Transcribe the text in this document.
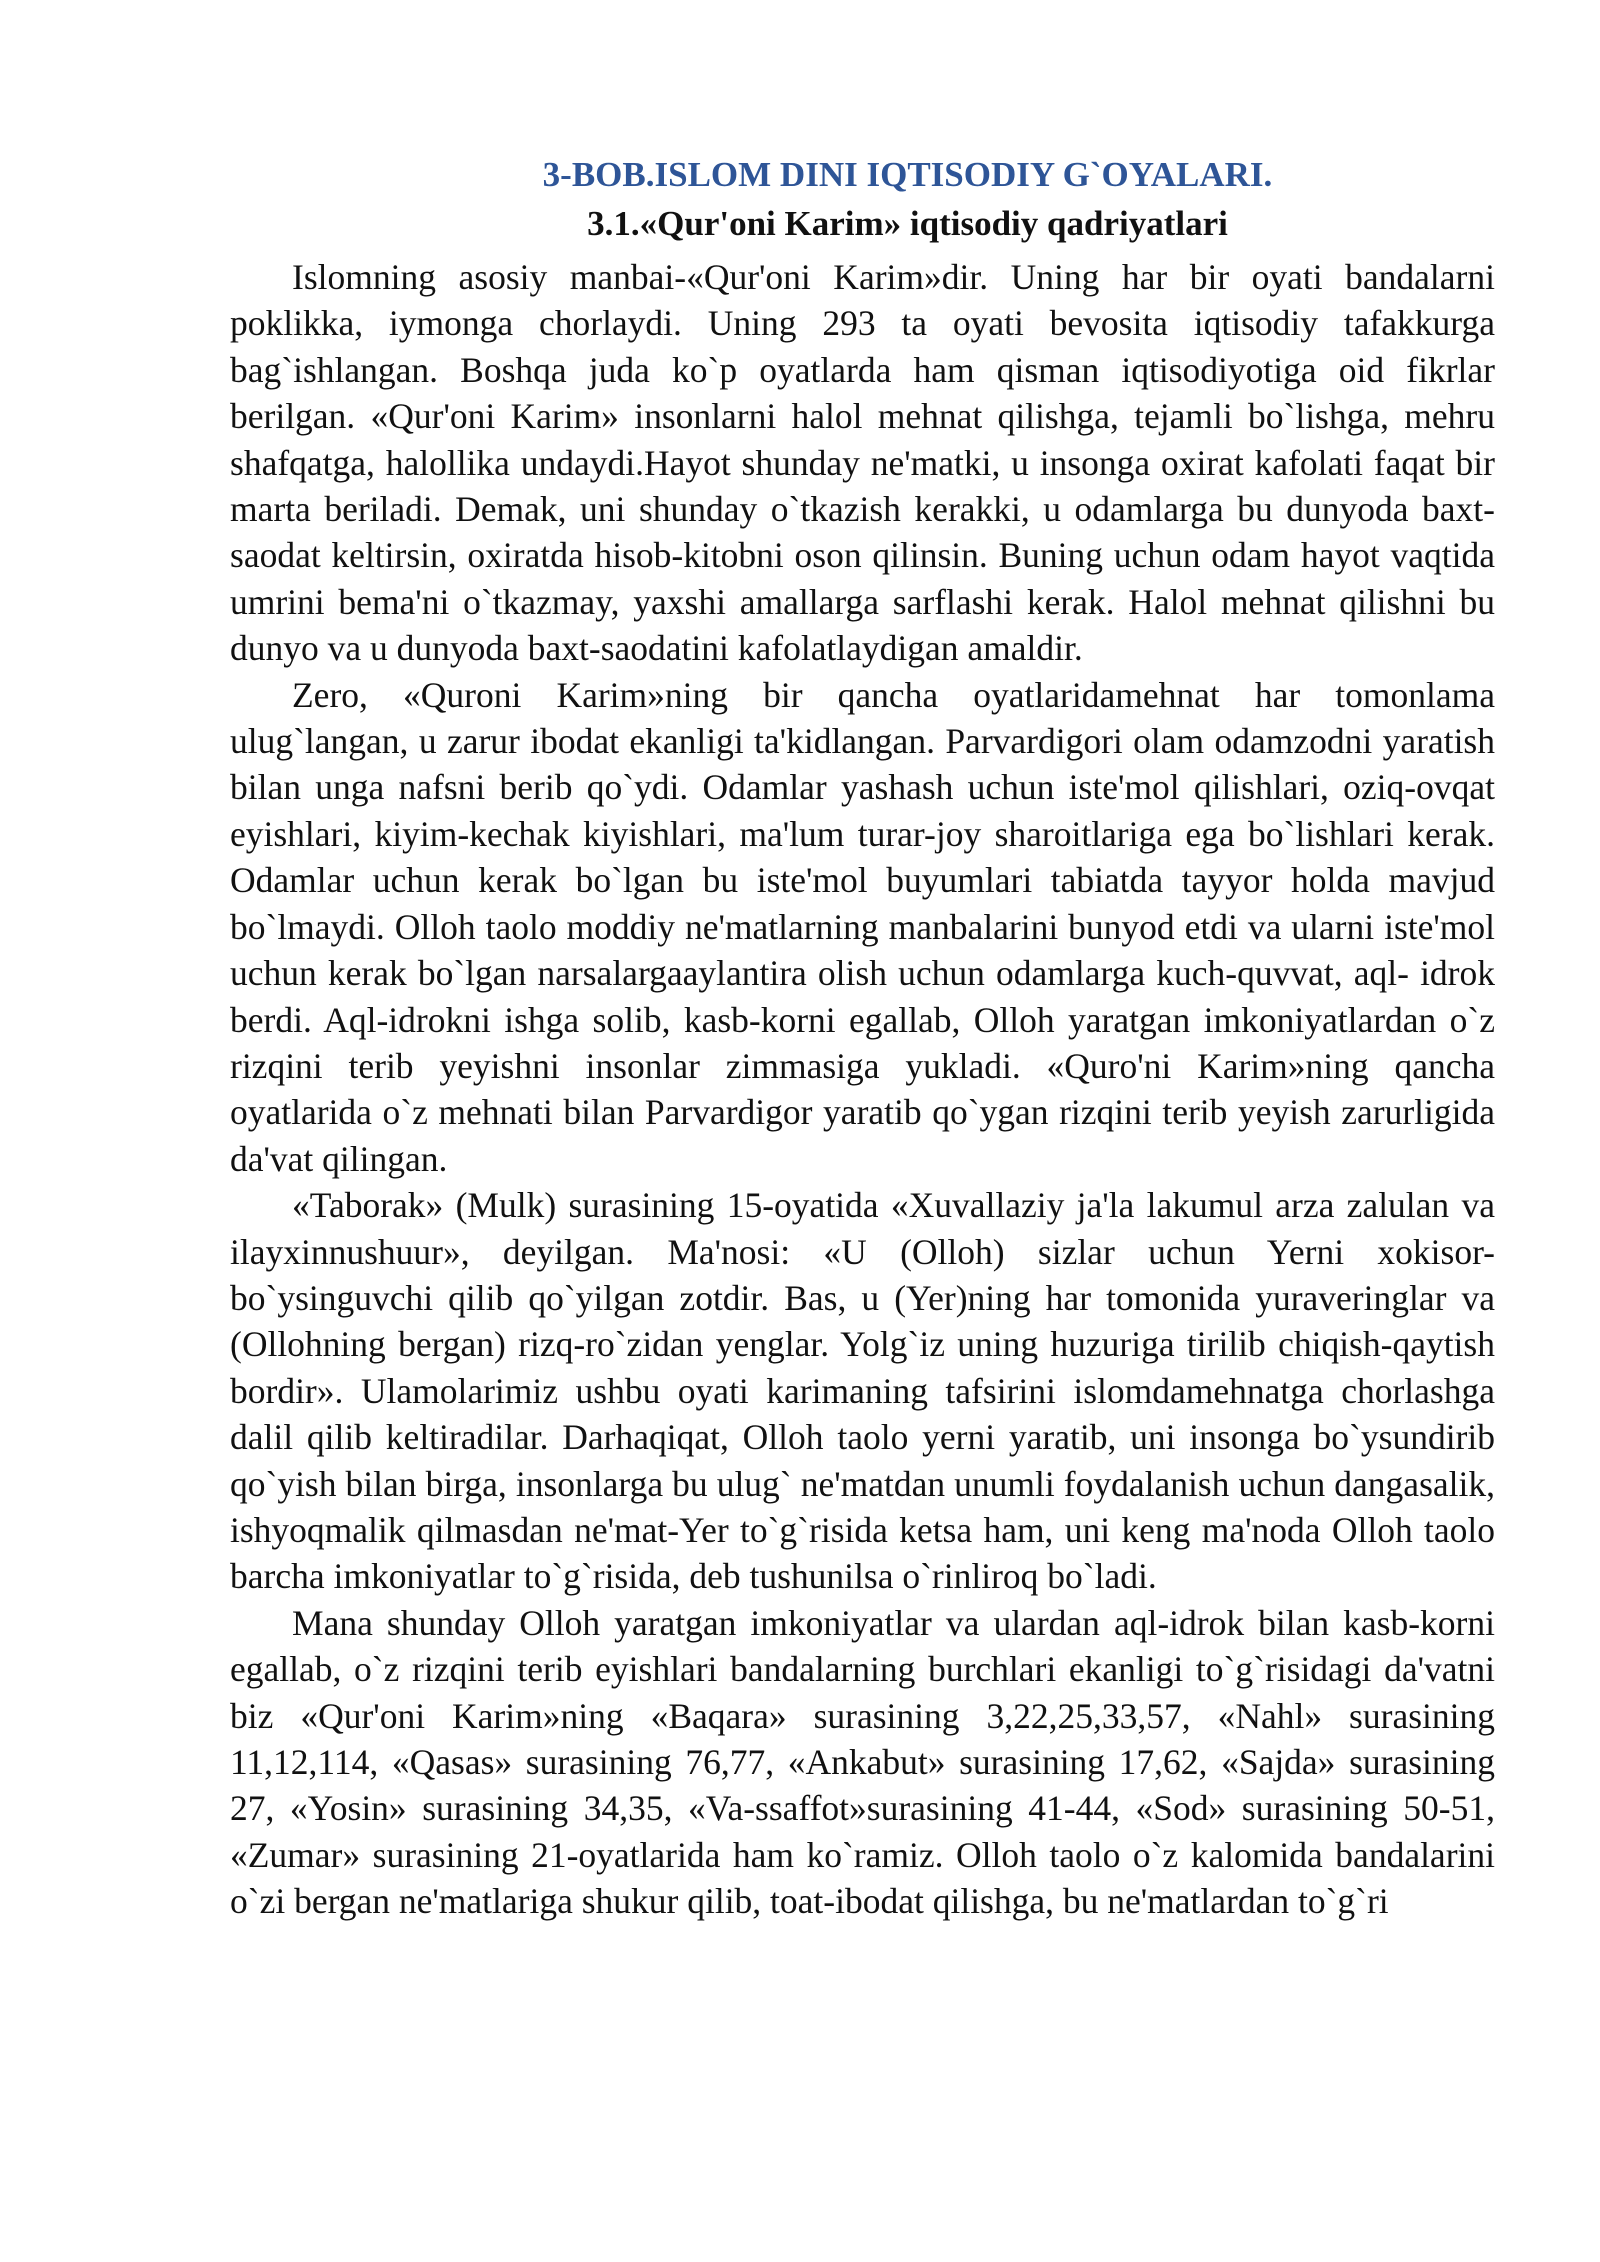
3-BOB.ISLOM DINI IQTISODIY G`OYALARI.
3.1.«Qur'oni Karim» iqtisodiy qadriyatlari

Islomning asosiy manbai-«Qur'oni Karim»dir. Uning har bir oyati bandalarni poklikka, iymonga chorlaydi. Uning 293 ta oyati bevosita iqtisodiy tafakkurga bag`ishlangan. Boshqa juda ko`p oyatlarda ham qisman iqtisodiyotiga oid fikrlar berilgan. «Qur'oni Karim» insonlarni halol mehnat qilishga, tejamli bo`lishga, mehru shafqatga, halollika undaydi.Hayot shunday ne'matki, u insonga oxirat kafolati faqat bir marta beriladi. Demak, uni shunday o`tkazish kerakki, u odamlarga bu dunyoda baxt-saodat keltirsin, oxiratda hisob-kitobni oson qilinsin. Buning uchun odam hayot vaqtida umrini bema'ni o`tkazmay, yaxshi amallarga sarflashi kerak. Halol mehnat qilishni bu dunyo va u dunyoda baxt-saodatini kafolatlaydigan amaldir.

Zero, «Quroni Karim»ning bir qancha oyatlaridamehnat har tomonlama ulug`langan, u zarur ibodat ekanligi ta'kidlangan. Parvardigori olam odamzodni yaratish bilan unga nafsni berib qo`ydi. Odamlar yashash uchun iste'mol qilishlari, oziq-ovqat eyishlari, kiyim-kechak kiyishlari, ma'lum turar-joy sharoitlariga ega bo`lishlari kerak. Odamlar uchun kerak bo`lgan bu iste'mol buyumlari tabiatda tayyor holda mavjud bo`lmaydi. Olloh taolo moddiy ne'matlarning manbalarini bunyod etdi va ularni iste'mol uchun kerak bo`lgan narsalargaaylantira olish uchun odamlarga kuch-quvvat, aql- idrok berdi. Aql-idrokni ishga solib, kasb-korni egallab, Olloh yaratgan imkoniyatlardan o`z rizqini terib yeyishni insonlar zimmasiga yukladi. «Quro'ni Karim»ning qancha oyatlarida o`z mehnati bilan Parvardigor yaratib qo`ygan rizqini terib yeyish zarurligida da'vat qilingan.

«Taborak» (Mulk) surasining 15-oyatida «Xuvallaziy ja'la lakumul arza zalulan va ilayxinnushuur», deyilgan. Ma'nosi: «U (Olloh) sizlar uchun Yerni xokisor-bo`ysinguvchi qilib qo`yilgan zotdir. Bas, u (Yer)ning har tomonida yuraveringlar va (Ollohning bergan) rizq-ro`zidan yenglar. Yolg`iz uning huzuriga tirilib chiqish-qaytish bordir». Ulamolarimiz ushbu oyati karimaning tafsirini islomdamehnatga chorlashga dalil qilib keltiradilar. Darhaqiqat, Olloh taolo yerni yaratib, uni insonga bo`ysundirib qo`yish bilan birga, insonlarga bu ulug` ne'matdan unumli foydalanish uchun dangasalik, ishyoqmalik qilmasdan ne'mat-Yer to`g`risida ketsa ham, uni keng ma'noda Olloh taolo barcha imkoniyatlar to`g`risida, deb tushunilsa o`rinliroq bo`ladi.

Mana shunday Olloh yaratgan imkoniyatlar va ulardan aql-idrok bilan kasb-korni egallab, o`z rizqini terib eyishlari bandalarning burchlari ekanligi to`g`risidagi da'vatni biz «Qur'oni Karim»ning «Baqara» surasining 3,22,25,33,57, «Nahl» surasining 11,12,114, «Qasas» surasining 76,77, «Ankabut» surasining 17,62, «Sajda» surasining 27, «Yosin» surasining 34,35, «Va-ssaffot»surasining 41-44, «Sod» surasining 50-51, «Zumar» surasining 21-oyatlarida ham ko`ramiz. Olloh taolo o`z kalomida bandalarini o`zi bergan ne'matlariga shukur qilib, toat-ibodat qilishga, bu ne'matlardan to`g`ri
